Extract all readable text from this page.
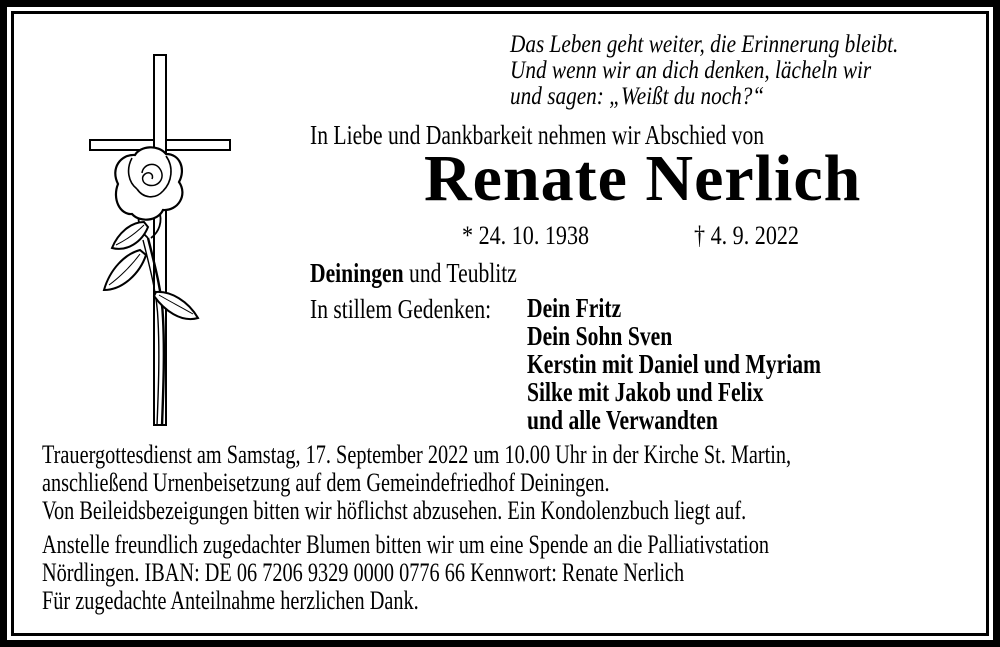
Das Leben geht weiter, die Erinnerung bleibt.
Und wenn wir an dich denken, lächeln wir
und sagen: „Weißt du noch?“
In Liebe und Dankbarkeit nehmen wir Abschied von
Renate Nerlich
* 24. 10. 1938	† 4. 9. 2022
Deiningen und Teublitz
In stillem Gedenken: Dein Fritz
Dein Sohn Sven
Kerstin mit Daniel und Myriam
Silke mit Jakob und Felix
und alle Verwandten
Trauergottesdienst am Samstag, 17. September 2022 um 10.00 Uhr in der Kirche St. Martin,
anschließend Urnenbeisetzung auf dem Gemeindefriedhof Deiningen.
Von Beileidsbezeigungen bitten wir höflichst abzusehen. Ein Kondolenzbuch liegt auf.
Anstelle freundlich zugedachter Blumen bitten wir um eine Spende an die Palliativstation
Nördlingen. IBAN: DE 06 7206 9329 0000 0776 66 Kennwort: Renate Nerlich
Für zugedachte Anteilnahme herzlichen Dank.
